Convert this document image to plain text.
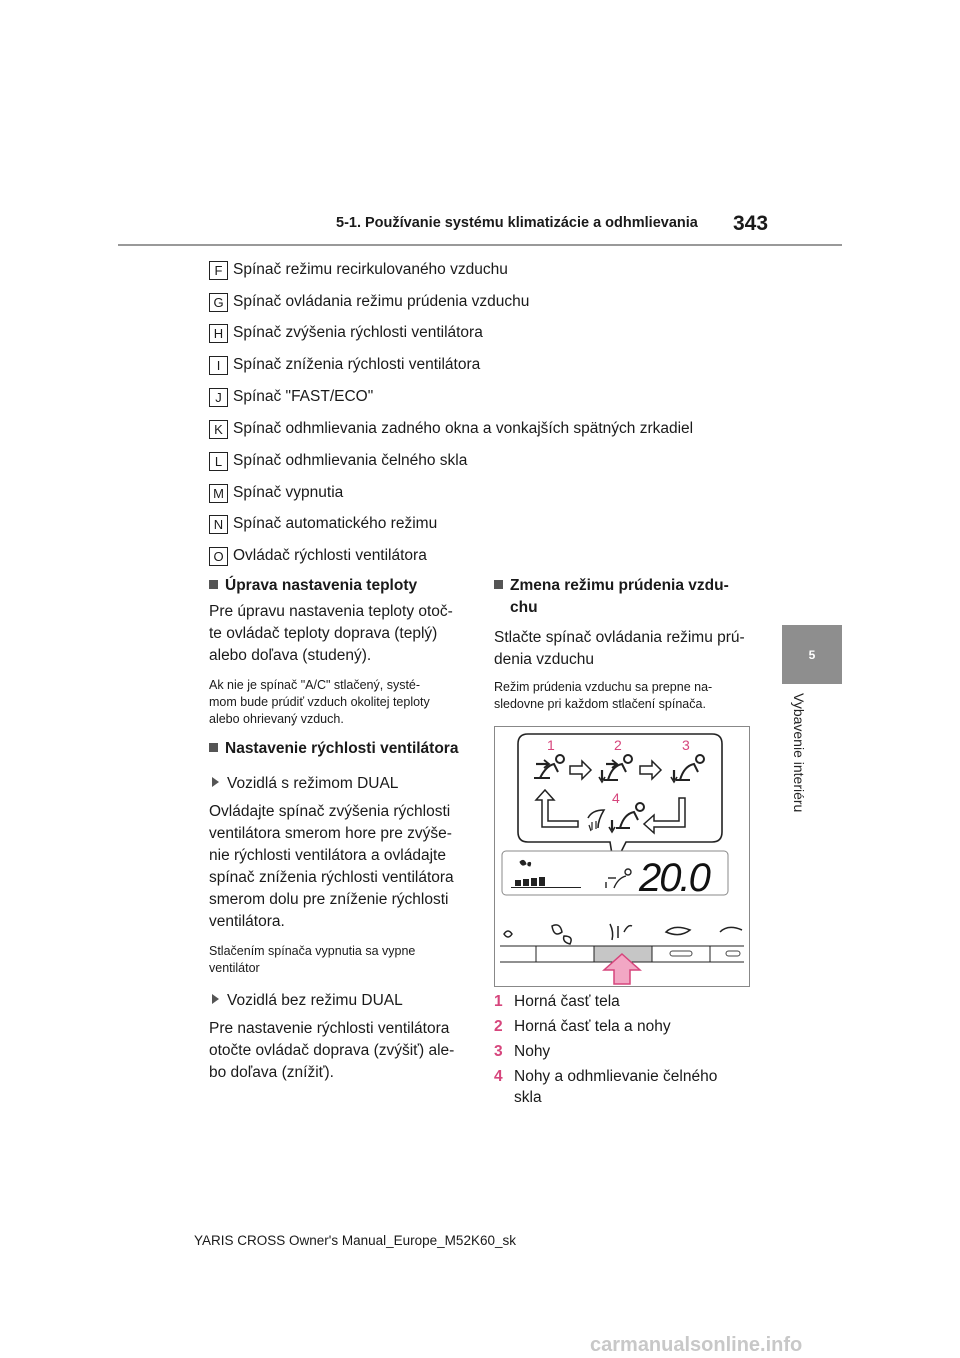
5-1. Používanie systému klimatizácie a odhmlievania 343
5
Vybavenie interiéru
F Spínač režimu recirkulovaného vzduchu
G Spínač ovládania režimu prúdenia vzduchu
H Spínač zvýšenia rýchlosti ventilátora
I Spínač zníženia rýchlosti ventilátora
J Spínač "FAST/ECO"
K Spínač odhmlievania zadného okna a vonkajších spätných zrkadiel
L Spínač odhmlievania čelného skla
M Spínač vypnutia
N Spínač automatického režimu
O Ovládač rýchlosti ventilátora
Úprava nastavenia teploty

Pre úpravu nastavenia teploty otoč-

te ovládač teploty doprava (teplý)

alebo doľava (studený).

Ak nie je spínač "A/C" stlačený, systé-

mom bude prúdiť vzduch okolitej teploty

alebo ohrievaný vzduch.

Nastavenie rýchlosti ventilátora
Vozidlá s režimom DUAL

Ovládajte spínač zvýšenia rýchlosti

ventilátora smerom hore pre zvýše-

nie rýchlosti ventilátora a ovládajte

spínač zníženia rýchlosti ventilátora

smerom dolu pre zníženie rýchlosti

ventilátora.

Stlačením spínača vypnutia sa vypne

ventilátor

Vozidlá bez režimu DUAL

Pre nastavenie rýchlosti ventilátora

otočte ovládač doprava (zvýšiť) ale-

bo doľava (znížiť).

Zmena režimu prúdenia vzdu-
chu

Stlačte spínač ovládania režimu prú-

denia vzduchu

Režim prúdenia vzduchu sa prepne na-

sledovne pri každom stlačení spínača.

1	2	3
4
20.0
1 Horná časť tela
2 Horná časť tela a nohy
3 Nohy
4 Nohy a odhmlievanie čelného
skla
YARIS CROSS Owner's Manual_Europe_M52K60_sk
carmanualsonline.info
